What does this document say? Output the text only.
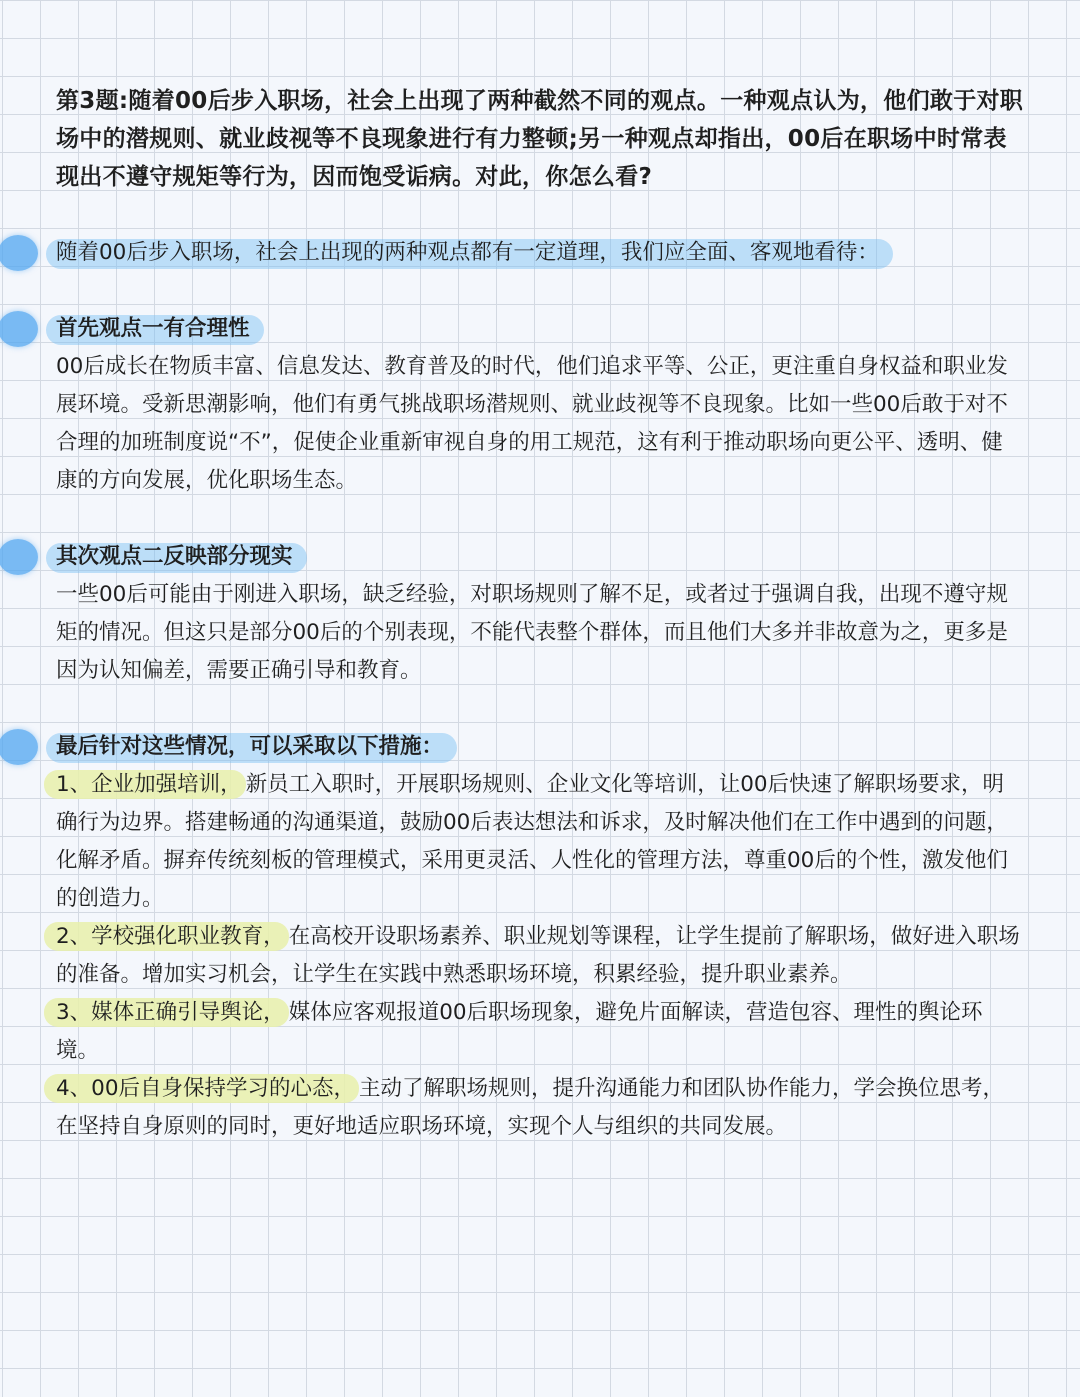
第3题:随着00后步入职场，社会上出现了两种截然不同的观点。一种观点认为，他们敢于对职场中的潜规则、就业歧视等不良现象进行有力整顿;另一种观点却指出，00后在职场中时常表现出不遵守规矩等行为，因而饱受诟病。对此，你怎么看?

随着00后步入职场，社会上出现的两种观点都有一定道理，我们应全面、客观地看待：
首先观点一有合理性

00后成长在物质丰富、信息发达、教育普及的时代，他们追求平等、公正，更注重自身权益和职业发展环境。受新思潮影响，他们有勇气挑战职场潜规则、就业歧视等不良现象。比如一些00后敢于对不合理的加班制度说“不”，促使企业重新审视自身的用工规范，这有利于推动职场向更公平、透明、健康的方向发展，优化职场生态。

其次观点二反映部分现实

一些00后可能由于刚进入职场，缺乏经验，对职场规则了解不足，或者过于强调自我，出现不遵守规矩的情况。但这只是部分00后的个别表现，不能代表整个群体，而且他们大多并非故意为之，更多是因为认知偏差，需要正确引导和教育。

最后针对这些情况，可以采取以下措施：

1、企业加强培训， 新员工入职时，开展职场规则、企业文化等培训，让00后快速了解职场要求，明确行为边界。搭建畅通的沟通渠道，鼓励00后表达想法和诉求，及时解决他们在工作中遇到的问题，化解矛盾。摒弃传统刻板的管理模式，采用更灵活、人性化的管理方法，尊重00后的个性，激发他们的创造力。

2、学校强化职业教育， 在高校开设职场素养、职业规划等课程，让学生提前了解职场，做好进入职场的准备。增加实习机会，让学生在实践中熟悉职场环境，积累经验，提升职业素养。

3、媒体正确引导舆论， 媒体应客观报道00后职场现象，避免片面解读，营造包容、理性的舆论环境。

4、00后自身保持学习的心态， 主动了解职场规则，提升沟通能力和团队协作能力，学会换位思考，在坚持自身原则的同时，更好地适应职场环境，实现个人与组织的共同发展。
